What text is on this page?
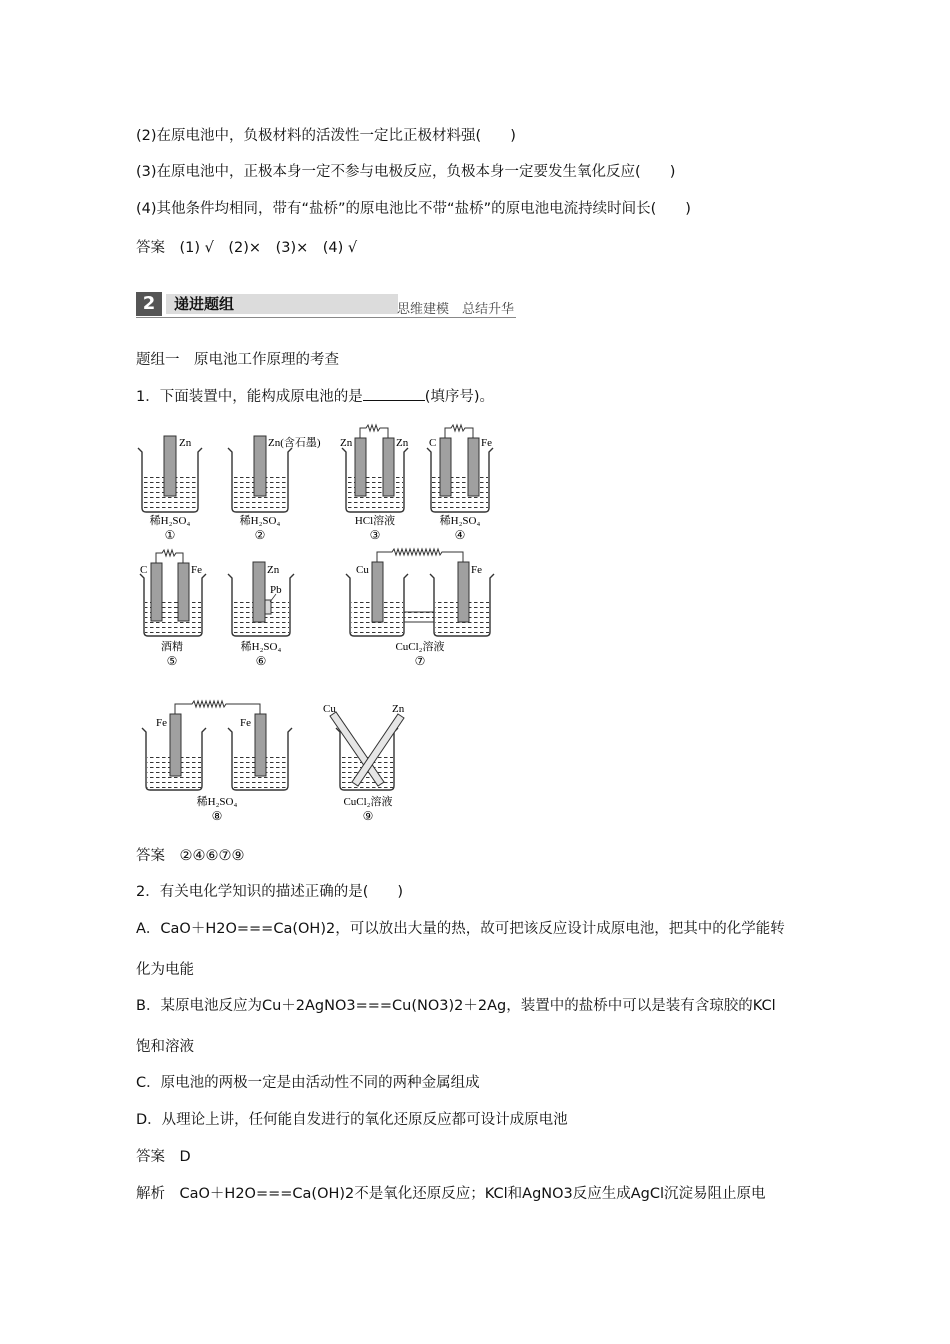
(2)在原电池中，负极材料的活泼性一定比正极材料强(　　)
(3)在原电池中，正极本身一定不参与电极反应，负极本身一定要发生氧化反应(　　)
(4)其他条件均相同，带有“盐桥”的原电池比不带“盐桥”的原电池电流持续时间长(　　)
答案　(1) √　(2)×　(3)×　(4) √
2	递进题组	思维建模　总结升华
题组一　原电池工作原理的考查
1．下面装置中，能构成原电池的是	(填序号)。
Zn
稀H₂SO₄
①
Zn(含石墨)
稀H₂SO₄
②
Zn	Zn
HCl溶液
③
C	Fe
稀H₂SO₄
④
C	Fe
酒精
⑤
Zn
Pb
稀H₂SO₄
⑥
Cu	Fe
CuCl₂溶液
⑦
Fe	Fe
稀H₂SO₄
⑧
Cu	Zn
CuCl₂溶液
⑨
答案　②④⑥⑦⑨
2．有关电化学知识的描述正确的是(　　)
A．CaO＋H2O===Ca(OH)2，可以放出大量的热，故可把该反应设计成原电池，把其中的化学能转
化为电能
B．某原电池反应为Cu＋2AgNO3===Cu(NO3)2＋2Ag，装置中的盐桥中可以是装有含琼胶的KCl
饱和溶液
C．原电池的两极一定是由活动性不同的两种金属组成
D．从理论上讲，任何能自发进行的氧化还原反应都可设计成原电池
答案　D
解析　CaO＋H2O===Ca(OH)2不是氧化还原反应；KCl和AgNO3反应生成AgCl沉淀易阻止原电
